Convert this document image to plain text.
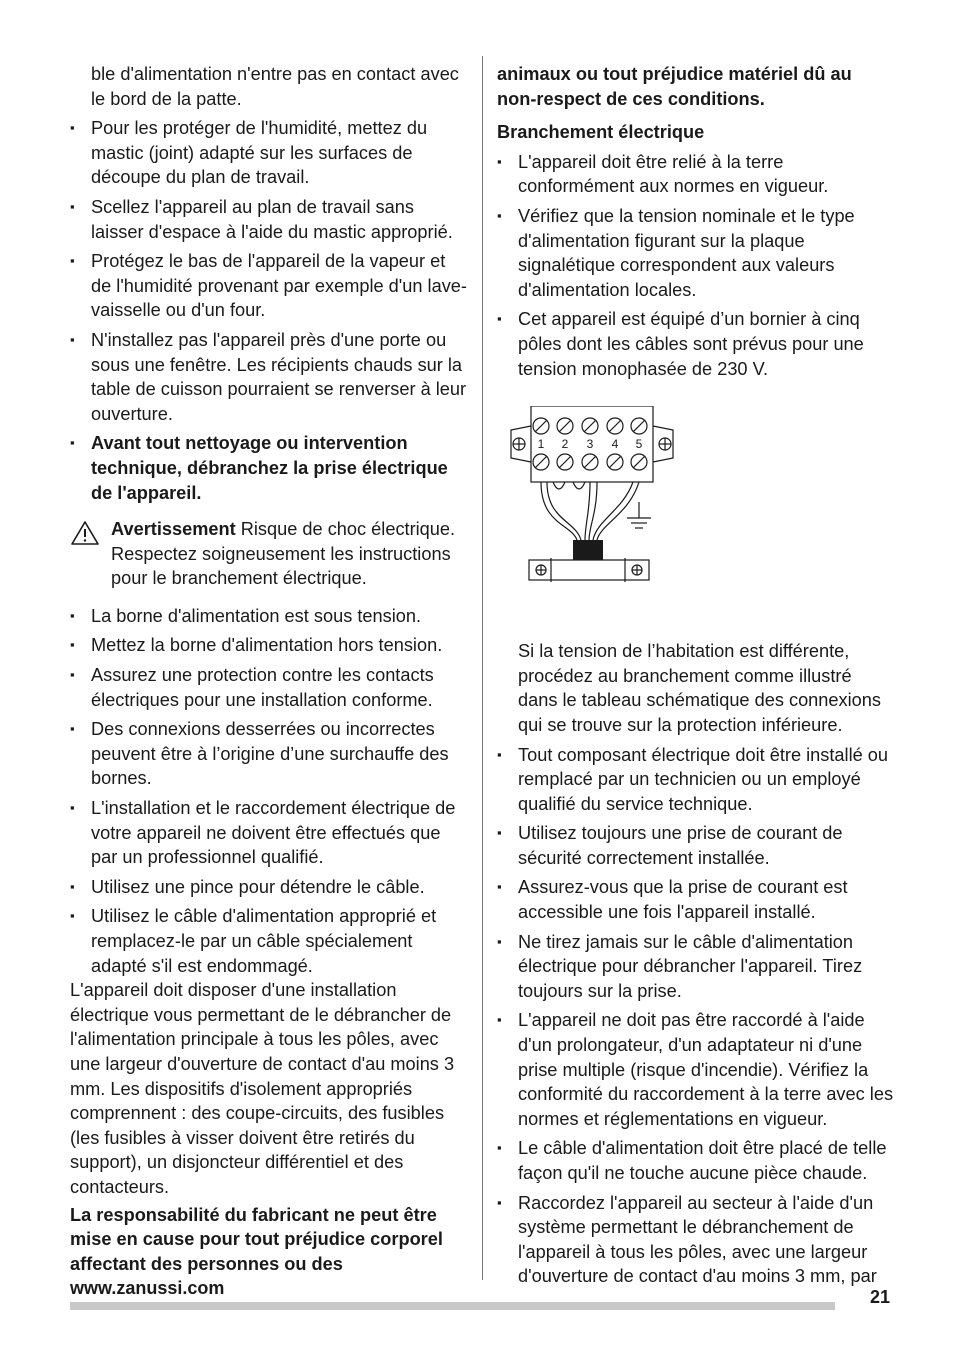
ble d'alimentation n'entre pas en contact avec le bord de la patte.

▪ Pour les protéger de l'humidité, mettez du mastic (joint) adapté sur les surfaces de découpe du plan de travail.

▪ Scellez l'appareil au plan de travail sans laisser d'espace à l'aide du mastic approprié.

▪ Protégez le bas de l'appareil de la vapeur et de l'humidité provenant par exemple d'un lave-vaisselle ou d'un four.

▪ N'installez pas l'appareil près d'une porte ou sous une fenêtre. Les récipients chauds sur la table de cuisson pourraient se renverser à leur ouverture.

▪ Avant tout nettoyage ou intervention technique, débranchez la prise électrique de l'appareil.

Avertissement Risque de choc électrique. Respectez soigneusement les instructions pour le branchement électrique.

▪ La borne d'alimentation est sous tension.

▪ Mettez la borne d'alimentation hors tension.

▪ Assurez une protection contre les contacts électriques pour une installation conforme.

▪ Des connexions desserrées ou incorrectes peuvent être à l’origine d’une surchauffe des bornes.

▪ L'installation et le raccordement électrique de votre appareil ne doivent être effectués que par un professionnel qualifié.

▪ Utilisez une pince pour détendre le câble.

▪ Utilisez le câble d'alimentation approprié et remplacez-le par un câble spécialement adapté s'il est endommagé.

L'appareil doit disposer d'une installation électrique vous permettant de le débrancher de l'alimentation principale à tous les pôles, avec une largeur d'ouverture de contact d'au moins 3 mm. Les dispositifs d'isolement appropriés comprennent : des coupe-circuits, des fusibles (les fusibles à visser doivent être retirés du support), un disjoncteur différentiel et des contacteurs.

La responsabilité du fabricant ne peut être mise en cause pour tout préjudice corporel affectant des personnes ou des

animaux ou tout préjudice matériel dû au non-respect de ces conditions.

Branchement électrique

▪ L'appareil doit être relié à la terre conformément aux normes en vigueur.

▪ Vérifiez que la tension nominale et le type d'alimentation figurant sur la plaque signalétique correspondent aux valeurs d'alimentation locales.

▪ Cet appareil est équipé d’un bornier à cinq pôles dont les câbles sont prévus pour une tension monophasée de 230 V.

1 2 3 4 5

Si la tension de l’habitation est différente, procédez au branchement comme illustré dans le tableau schématique des connexions qui se trouve sur la protection inférieure.

▪ Tout composant électrique doit être installé ou remplacé par un technicien ou un employé qualifié du service technique.

▪ Utilisez toujours une prise de courant de sécurité correctement installée.

▪ Assurez-vous que la prise de courant est accessible une fois l'appareil installé.

▪ Ne tirez jamais sur le câble d'alimentation électrique pour débrancher l'appareil. Tirez toujours sur la prise.

▪ L'appareil ne doit pas être raccordé à l'aide d'un prolongateur, d'un adaptateur ni d'une prise multiple (risque d'incendie). Vérifiez la conformité du raccordement à la terre avec les normes et réglementations en vigueur.

▪ Le câble d'alimentation doit être placé de telle façon qu'il ne touche aucune pièce chaude.

▪ Raccordez l'appareil au secteur à l'aide d'un système permettant le débranchement de l'appareil à tous les pôles, avec une largeur d'ouverture de contact d'au moins 3 mm, par

www.zanussi.com	21
